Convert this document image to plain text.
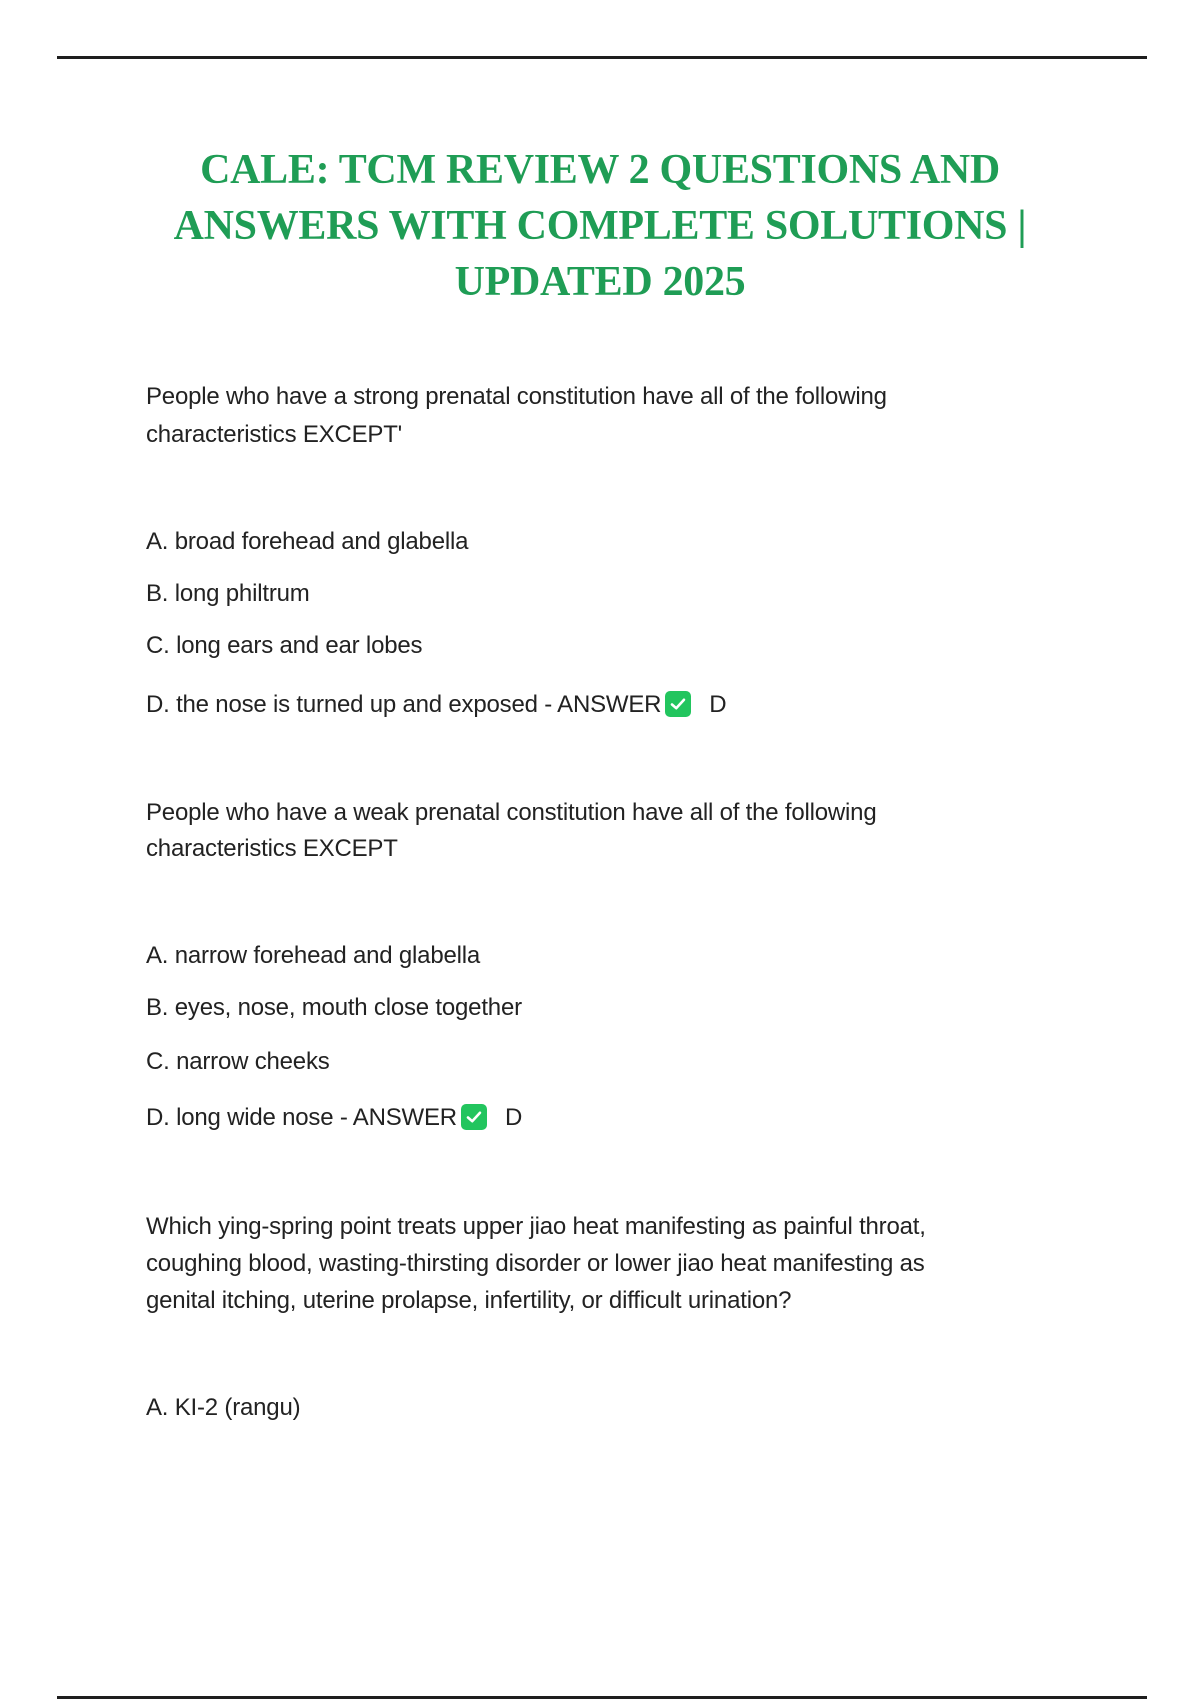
CALE: TCM REVIEW 2 QUESTIONS AND
ANSWERS WITH COMPLETE SOLUTIONS |
UPDATED 2025
People who have a strong prenatal constitution have all of the following
characteristics EXCEPT'
A. broad forehead and glabella
B. long philtrum
C. long ears and ear lobes
D. the nose is turned up and exposed - ANSWER D
People who have a weak prenatal constitution have all of the following
characteristics EXCEPT
A. narrow forehead and glabella
B. eyes, nose, mouth close together
C. narrow cheeks
D. long wide nose - ANSWER D
Which ying-spring point treats upper jiao heat manifesting as painful throat,
coughing blood, wasting-thirsting disorder or lower jiao heat manifesting as
genital itching, uterine prolapse, infertility, or difficult urination?
A. KI-2 (rangu)
